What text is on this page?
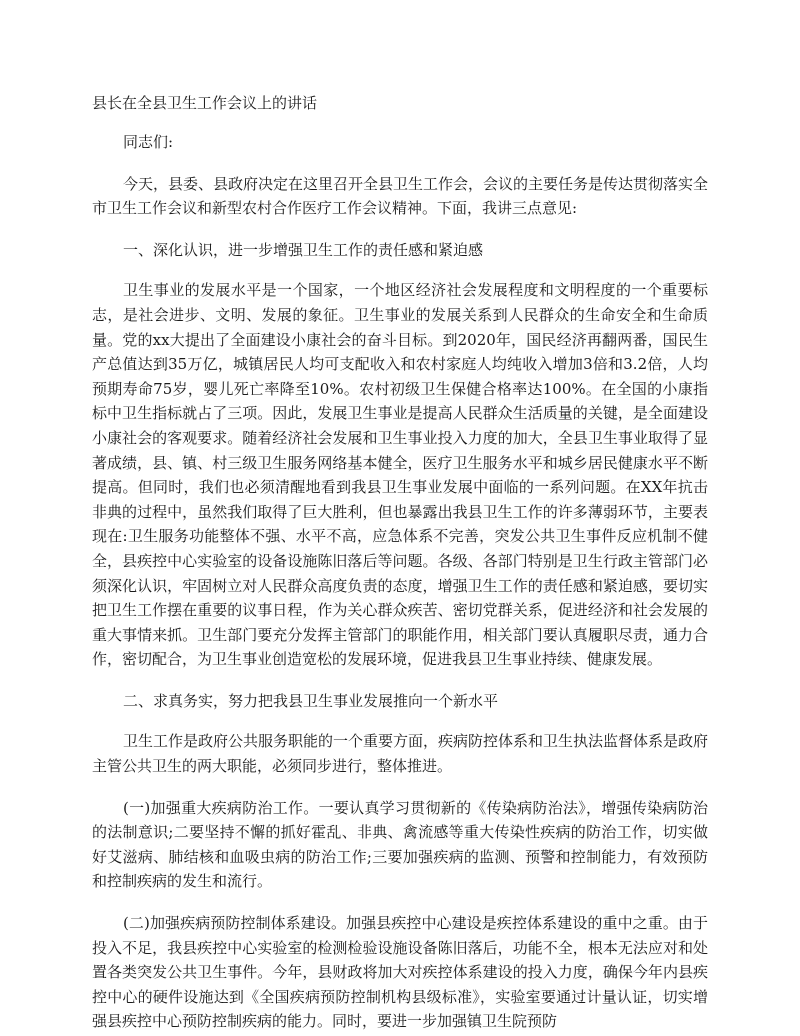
县长在全县卫生工作会议上的讲话

同志们:

今天，县委、县政府决定在这里召开全县卫生工作会，会议的主要任务是传达贯彻落实全市卫生工作会议和新型农村合作医疗工作会议精神。下面，我讲三点意见:

一、深化认识，进一步增强卫生工作的责任感和紧迫感

卫生事业的发展水平是一个国家，一个地区经济社会发展程度和文明程度的一个重要标志，是社会进步、文明、发展的象征。卫生事业的发展关系到人民群众的生命安全和生命质量。党的xx大提出了全面建设小康社会的奋斗目标。到2020年，国民经济再翻两番，国民生产总值达到35万亿，城镇居民人均可支配收入和农村家庭人均纯收入增加3倍和3.2倍，人均预期寿命75岁，婴儿死亡率降至10%。农村初级卫生保健合格率达100%。在全国的小康指标中卫生指标就占了三项。因此，发展卫生事业是提高人民群众生活质量的关键，是全面建设小康社会的客观要求。随着经济社会发展和卫生事业投入力度的加大，全县卫生事业取得了显著成绩，县、镇、村三级卫生服务网络基本健全，医疗卫生服务水平和城乡居民健康水平不断提高。但同时，我们也必须清醒地看到我县卫生事业发展中面临的一系列问题。在XX年抗击非典的过程中，虽然我们取得了巨大胜利，但也暴露出我县卫生工作的许多薄弱环节，主要表现在:卫生服务功能整体不强、水平不高，应急体系不完善，突发公共卫生事件反应机制不健全，县疾控中心实验室的设备设施陈旧落后等问题。各级、各部门特别是卫生行政主管部门必须深化认识，牢固树立对人民群众高度负责的态度，增强卫生工作的责任感和紧迫感，要切实把卫生工作摆在重要的议事日程，作为关心群众疾苦、密切党群关系，促进经济和社会发展的重大事情来抓。卫生部门要充分发挥主管部门的职能作用，相关部门要认真履职尽责，通力合作，密切配合，为卫生事业创造宽松的发展环境，促进我县卫生事业持续、健康发展。

二、求真务实，努力把我县卫生事业发展推向一个新水平

卫生工作是政府公共服务职能的一个重要方面，疾病防控体系和卫生执法监督体系是政府主管公共卫生的两大职能，必须同步进行，整体推进。

(一)加强重大疾病防治工作。一要认真学习贯彻新的《传染病防治法》，增强传染病防治的法制意识;二要坚持不懈的抓好霍乱、非典、禽流感等重大传染性疾病的防治工作，切实做好艾滋病、肺结核和血吸虫病的防治工作;三要加强疾病的监测、预警和控制能力，有效预防和控制疾病的发生和流行。

(二)加强疾病预防控制体系建设。加强县疾控中心建设是疾控体系建设的重中之重。由于投入不足，我县疾控中心实验室的检测检验设施设备陈旧落后，功能不全，根本无法应对和处置各类突发公共卫生事件。今年，县财政将加大对疾控体系建设的投入力度，确保今年内县疾控中心的硬件设施达到《全国疾病预防控制机构县级标准》，实验室要通过计量认证，切实增强县疾控中心预防控制疾病的能力。同时，要进一步加强镇卫生院预防
